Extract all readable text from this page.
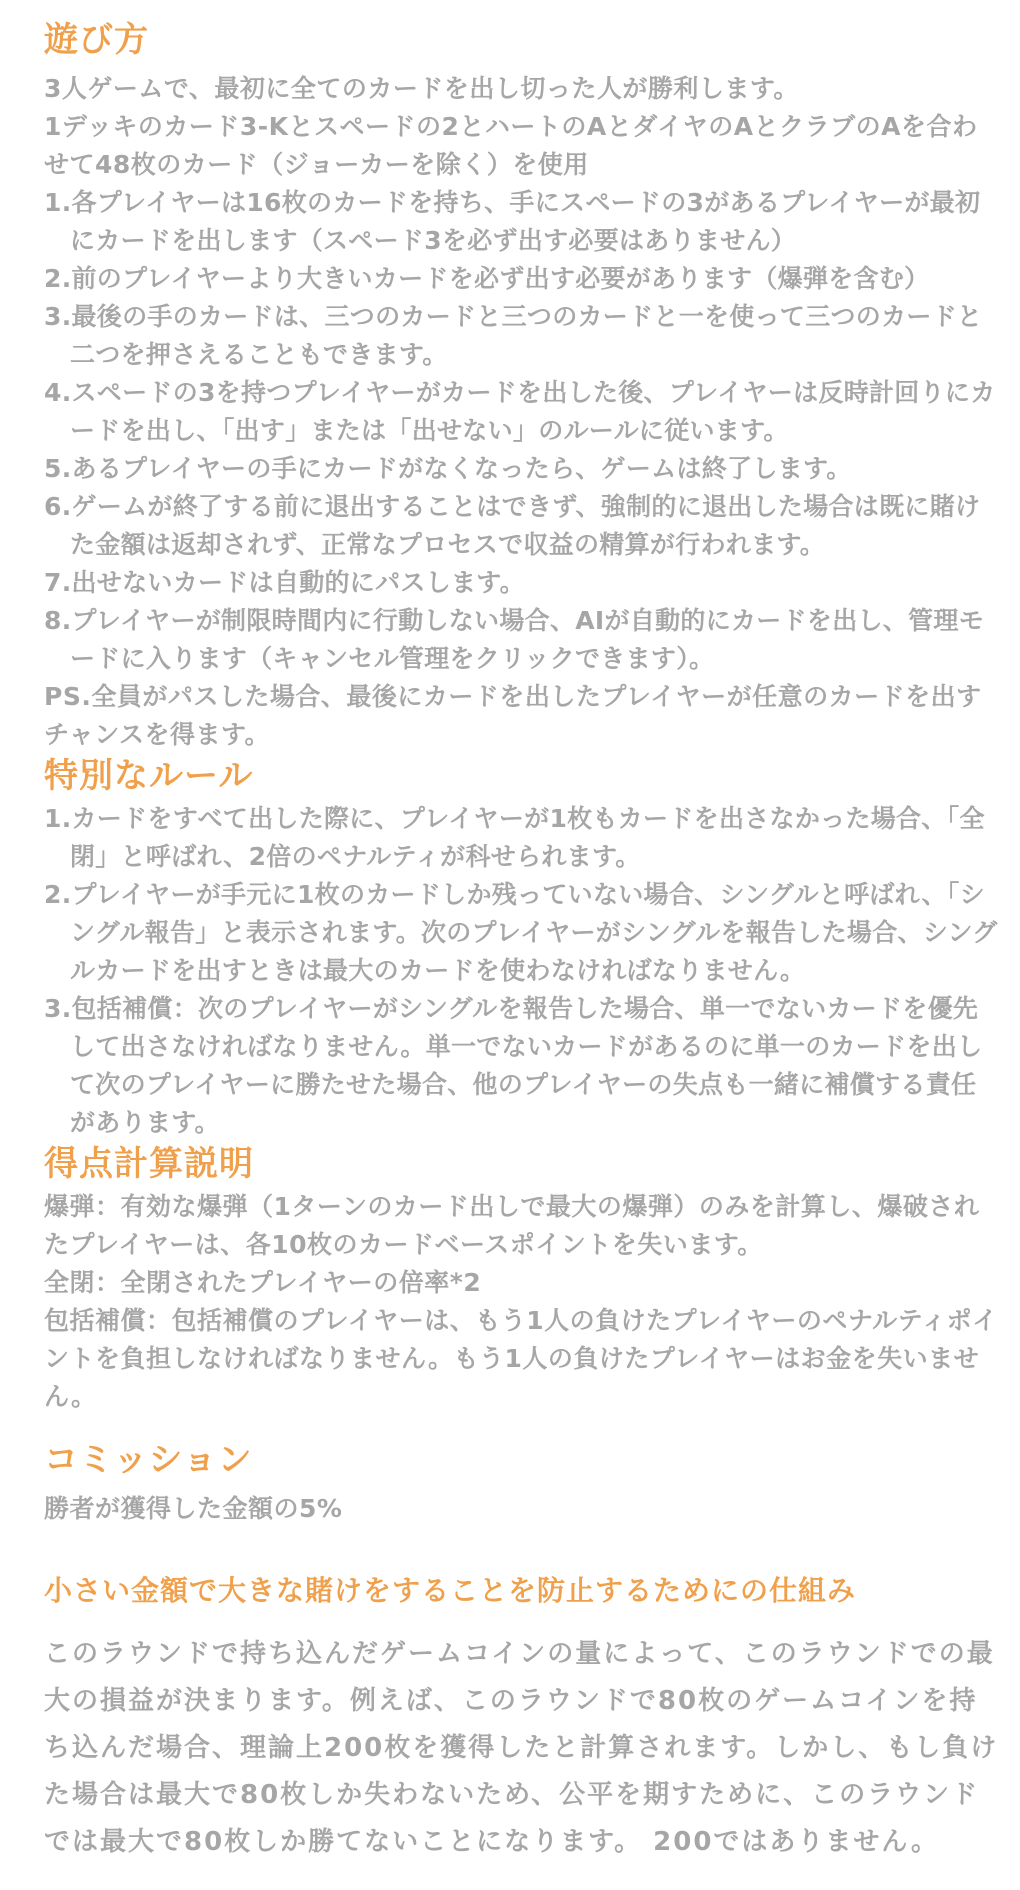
遊び方

3人ゲームで、最初に全てのカードを出し切った人が勝利します。

1デッキのカード3-Kとスペードの2とハートのAとダイヤのAとクラブのAを合わせて48枚のカード（ジョーカーを除く）を使用

1.各プレイヤーは16枚のカードを持ち、手にスペードの3があるプレイヤーが最初にカードを出します（スペード3を必ず出す必要はありません）

2.前のプレイヤーより大きいカードを必ず出す必要があります（爆弾を含む）

3.最後の手のカードは、三つのカードと三つのカードと一を使って三つのカードと二つを押さえることもできます。

4.スペードの3を持つプレイヤーがカードを出した後、プレイヤーは反時計回りにカードを出し、「出す」または「出せない」のルールに従います。

5.あるプレイヤーの手にカードがなくなったら、ゲームは終了します。

6.ゲームが終了する前に退出することはできず、強制的に退出した場合は既に賭けた金額は返却されず、正常なプロセスで収益の精算が行われます。

7.出せないカードは自動的にパスします。

8.プレイヤーが制限時間内に行動しない場合、AIが自動的にカードを出し、管理モードに入ります（キャンセル管理をクリックできます）。

PS.全員がパスした場合、最後にカードを出したプレイヤーが任意のカードを出すチャンスを得ます。

特別なルール

1.カードをすべて出した際に、プレイヤーが1枚もカードを出さなかった場合、「全閉」と呼ばれ、2倍のペナルティが科せられます。

2.プレイヤーが手元に1枚のカードしか残っていない場合、シングルと呼ばれ、「シングル報告」と表示されます。次のプレイヤーがシングルを報告した場合、シングルカードを出すときは最大のカードを使わなければなりません。

3.包括補償：次のプレイヤーがシングルを報告した場合、単一でないカードを優先して出さなければなりません。単一でないカードがあるのに単一のカードを出して次のプレイヤーに勝たせた場合、他のプレイヤーの失点も一緒に補償する責任があります。

得点計算説明

爆弾：有効な爆弾（1ターンのカード出しで最大の爆弾）のみを計算し、爆破されたプレイヤーは、各10枚のカードベースポイントを失います。

全閉：全閉されたプレイヤーの倍率*2

包括補償：包括補償のプレイヤーは、もう1人の負けたプレイヤーのペナルティポイントを負担しなければなりません。もう1人の負けたプレイヤーはお金を失いません。

コミッション

勝者が獲得した金額の5%

小さい金額で大きな賭けをすることを防止するためにの仕組み

このラウンドで持ち込んだゲームコインの量によって、このラウンドでの最大の損益が決まります。例えば、このラウンドで80枚のゲームコインを持ち込んだ場合、理論上200枚を獲得したと計算されます。しかし、もし負けた場合は最大で80枚しか失わないため、公平を期すために、このラウンドでは最大で80枚しか勝てないことになります。 200ではありません。
